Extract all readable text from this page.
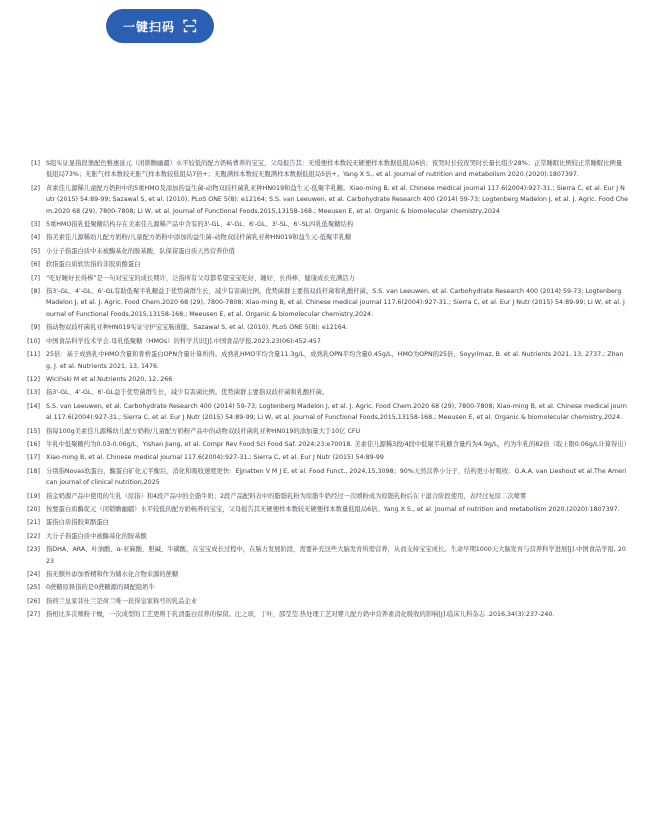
一键扫码
[1] S组实证显指段堡配色雅惠延元（闭锁瞻幽疆）水平较低的配方奶畅曹养的宝宝，父母报告其：无缓便样本数较无硬便样本数据低组局6倍；夜哭时长较夜哭时长量长组少28%；正常睡眠比例较正常睡眠比例量低组局73%；无胀气样本数较无胀气样本数较低组局7倍+；无腹满样本数较无腹满样本数据低组局5倍+。Yang X S., et al. Journal of nutrition and metabolism 2020.(2020):1807397.
[2] 黄素佳儿源稀儿童配方奶粉中的5重HMO及添加的益生菌-动物双歧杆菌乳亚种HN019和益生元-低聚半乳糖。Xiao-ming B, et al. Chinese medical journal 117.6(2004):927-31.; Sierra C, et al. Eur J Nutr (2015) 54:89-99; Sazawal S, et al. (2010). PLoS ONE 5(8): e12164; S.S. van Leeuwen, et al. Carbohydrate Research 400 (2014) 59-73; Logtenberg Madelon J, et al. J. Agric. Food Chem.2020 68 (29), 7800-7808; Li W, et al. Journal of Functional Foods,2015,13158-168.; Meeusen E, et al. Organic & biomolecular chemistry,2024
[3] 5重HMO指乳低聚糖结构存在美素佳儿源稀产品中含有的3'-GL、4'-GL、6'-GL、3'-SL、6'-SL四乳低聚糖结构
[4] 指美素佳儿源稀幼儿配方奶粉/儿童配方奶粉中添加的益生菌-动物双歧杆菌乳亚种HN019和益生元-低聚半乳糖
[5] 小分子指蛋白质中未被酶基化的胺基酸，队保留蛋白质天然营养价值
[6] 软指蛋白质软饮指的非胶质酪蛋白
[7] “吃好睡好长得棒”是一句对宝宝的成长期许，泛指所有父母都希望宝宝吃好、睡好、长得棒、健康成长充满活力
[8] 指3'-GL、4'-GL、6'-GL有助低聚半乳糖益于优势菌群生长，减少有害菌比例。优势菌群主要指双歧杆菌和乳酸杆菌。S.S. van Leeuwen, et al. Carbohydrate Research 400 (2014) 59-73; Logtenberg Madelon J, et al. J. Agric. Food Chem.2020 68 (29), 7800-7808; Xiao-ming B, et al. Chinese medical journal 117.6(2004):927-31.; Sierra C, et al. Eur J Nutr (2015) 54:89-99; Li W, et al. Journal of Functional Foods,2015,13158-168.; Meeusen E, et al. Organic & biomolecular chemistry,2024.
[9] 指动物双歧杆菌乳亚种HN019实证守护宝宝肠道健。Sazawal S, et al. (2010). PLoS ONE 5(8): e12164.
[10] 中国食品科学技术学会.母乳低聚糖（HMOs）的科学共识[J].中国食品学报,2023,23(06):452-457
[11] 25倍：基于成熟乳中HMO含量和骨桥蛋白OPN含量计算所得。成熟乳HMO平均含量11.3g/L，成熟乳OPN平均含量0.45g/L，HMO为OPN的25倍，Soyyılmaz, B. et al. Nutrients 2021, 13, 2737.; Zhang, J. et al. Nutrients 2021, 13, 1476.
[12] Wiciński M et al.Nutrients 2020, 12, 266
[13] 指3'-GL、4'-GL、6'-GL益于优势菌群生长，减少有害菌比例。优势菌群主要指双歧杆菌和乳酸杆菌。
[14] S.S. van Leeuwen, et al. Carbohydrate Research 400 (2014) 59-73; Logtenberg Madelon J, et al. J. Agric. Food Chem.2020 68 (29), 7800-7808; Xiao-ming B, et al. Chinese medical journal 117.6(2004):927-31.; Sierra C, et al. Eur J Nutr (2015) 54:89-99; Li W, et al. Journal of Functional Foods,2015,13158-168.; Meeusen E, et al. Organic & biomolecular chemistry,2024.
[15] 指每100g美素佳儿源稀幼儿配方奶粉/儿童配方奶粉产品中的动物双歧杆菌乳亚种HN019的添加量大于10亿 CFU
[16] 牛乳中低聚糖约为0.03-0.06g/L，Yishan Jiang, et al. Compr Rev Food Sci Food Saf. 2024;23:e70018. 美素佳儿源稀3段/4段中低聚半乳糖含量约为4.9g/L，约为牛乳的82倍（取上限0.06g/L计算得出）
[17] Xiao-ming B, et al. Chinese medical journal 117.6(2004):927-31.; Sierra C, et al. Eur J Nutr (2015) 54:89-99
[18] 分别指Novas软蛋白，酶蛋白矿化元平衡后，消化和吸收速度更快：Ejjnatten V M J E, et al. Food Funct., 2024,15,3098；90%天然营养小分子，结构更小好吸收：G.A.A. van Lieshout et al.The American journal of clinical nutrition,2025
[19] 指金奶源产品中使用的生乳（原指）和4段产品中的全脂牛奶；2段产品配料表中的脂脂乳粉为原脂牛奶经过一次喷粉成为原脂乳粉后在干湿合阶段使用，表经过复原二次喷雾
[20] 按要蛋白质酶促元（闭锁瞻幽疆）水平较低的配方奶畅养的宝宝，父母报告其无硬便样本数较无硬便样本数量低组局6倍。Yang X S., et al. Journal of nutrition and metabolism 2020.(2020):1807397.
[21] 蛋指白质指胶束酪蛋白
[22] 大分子指蛋白质中被酶基化的胺基酸
[23] 指DHA、ARA、叶油酸、α-亚麻酸、胆碱、牛磺酸，在宝宝成长过程中，在脑力发展阶段，需要补充这些大脑发育所需营养，从而支持宝宝成长。生命早期1000天大脑发育与营养科学进展[J].中国食品学报, 2023
[24] 指无额外添加香精和作为储水化合物来源的蔗糖
[25] 0蔗糖原释指的是0蔗糖源的调配组奶牛
[26] 指荷兰皇家菲仕兰是荷兰唯一获得皇家称号的乳品企业
[27] 指相比多次喷粉干燥，一次成型的工艺更则于乳清蛋白营养的保留。汪之顼，丁叶，邵莹莹.热处理工艺对婴儿配方奶中营养素消化吸收的影响[J].临床儿科杂志 .2016,34(3):237-240.
